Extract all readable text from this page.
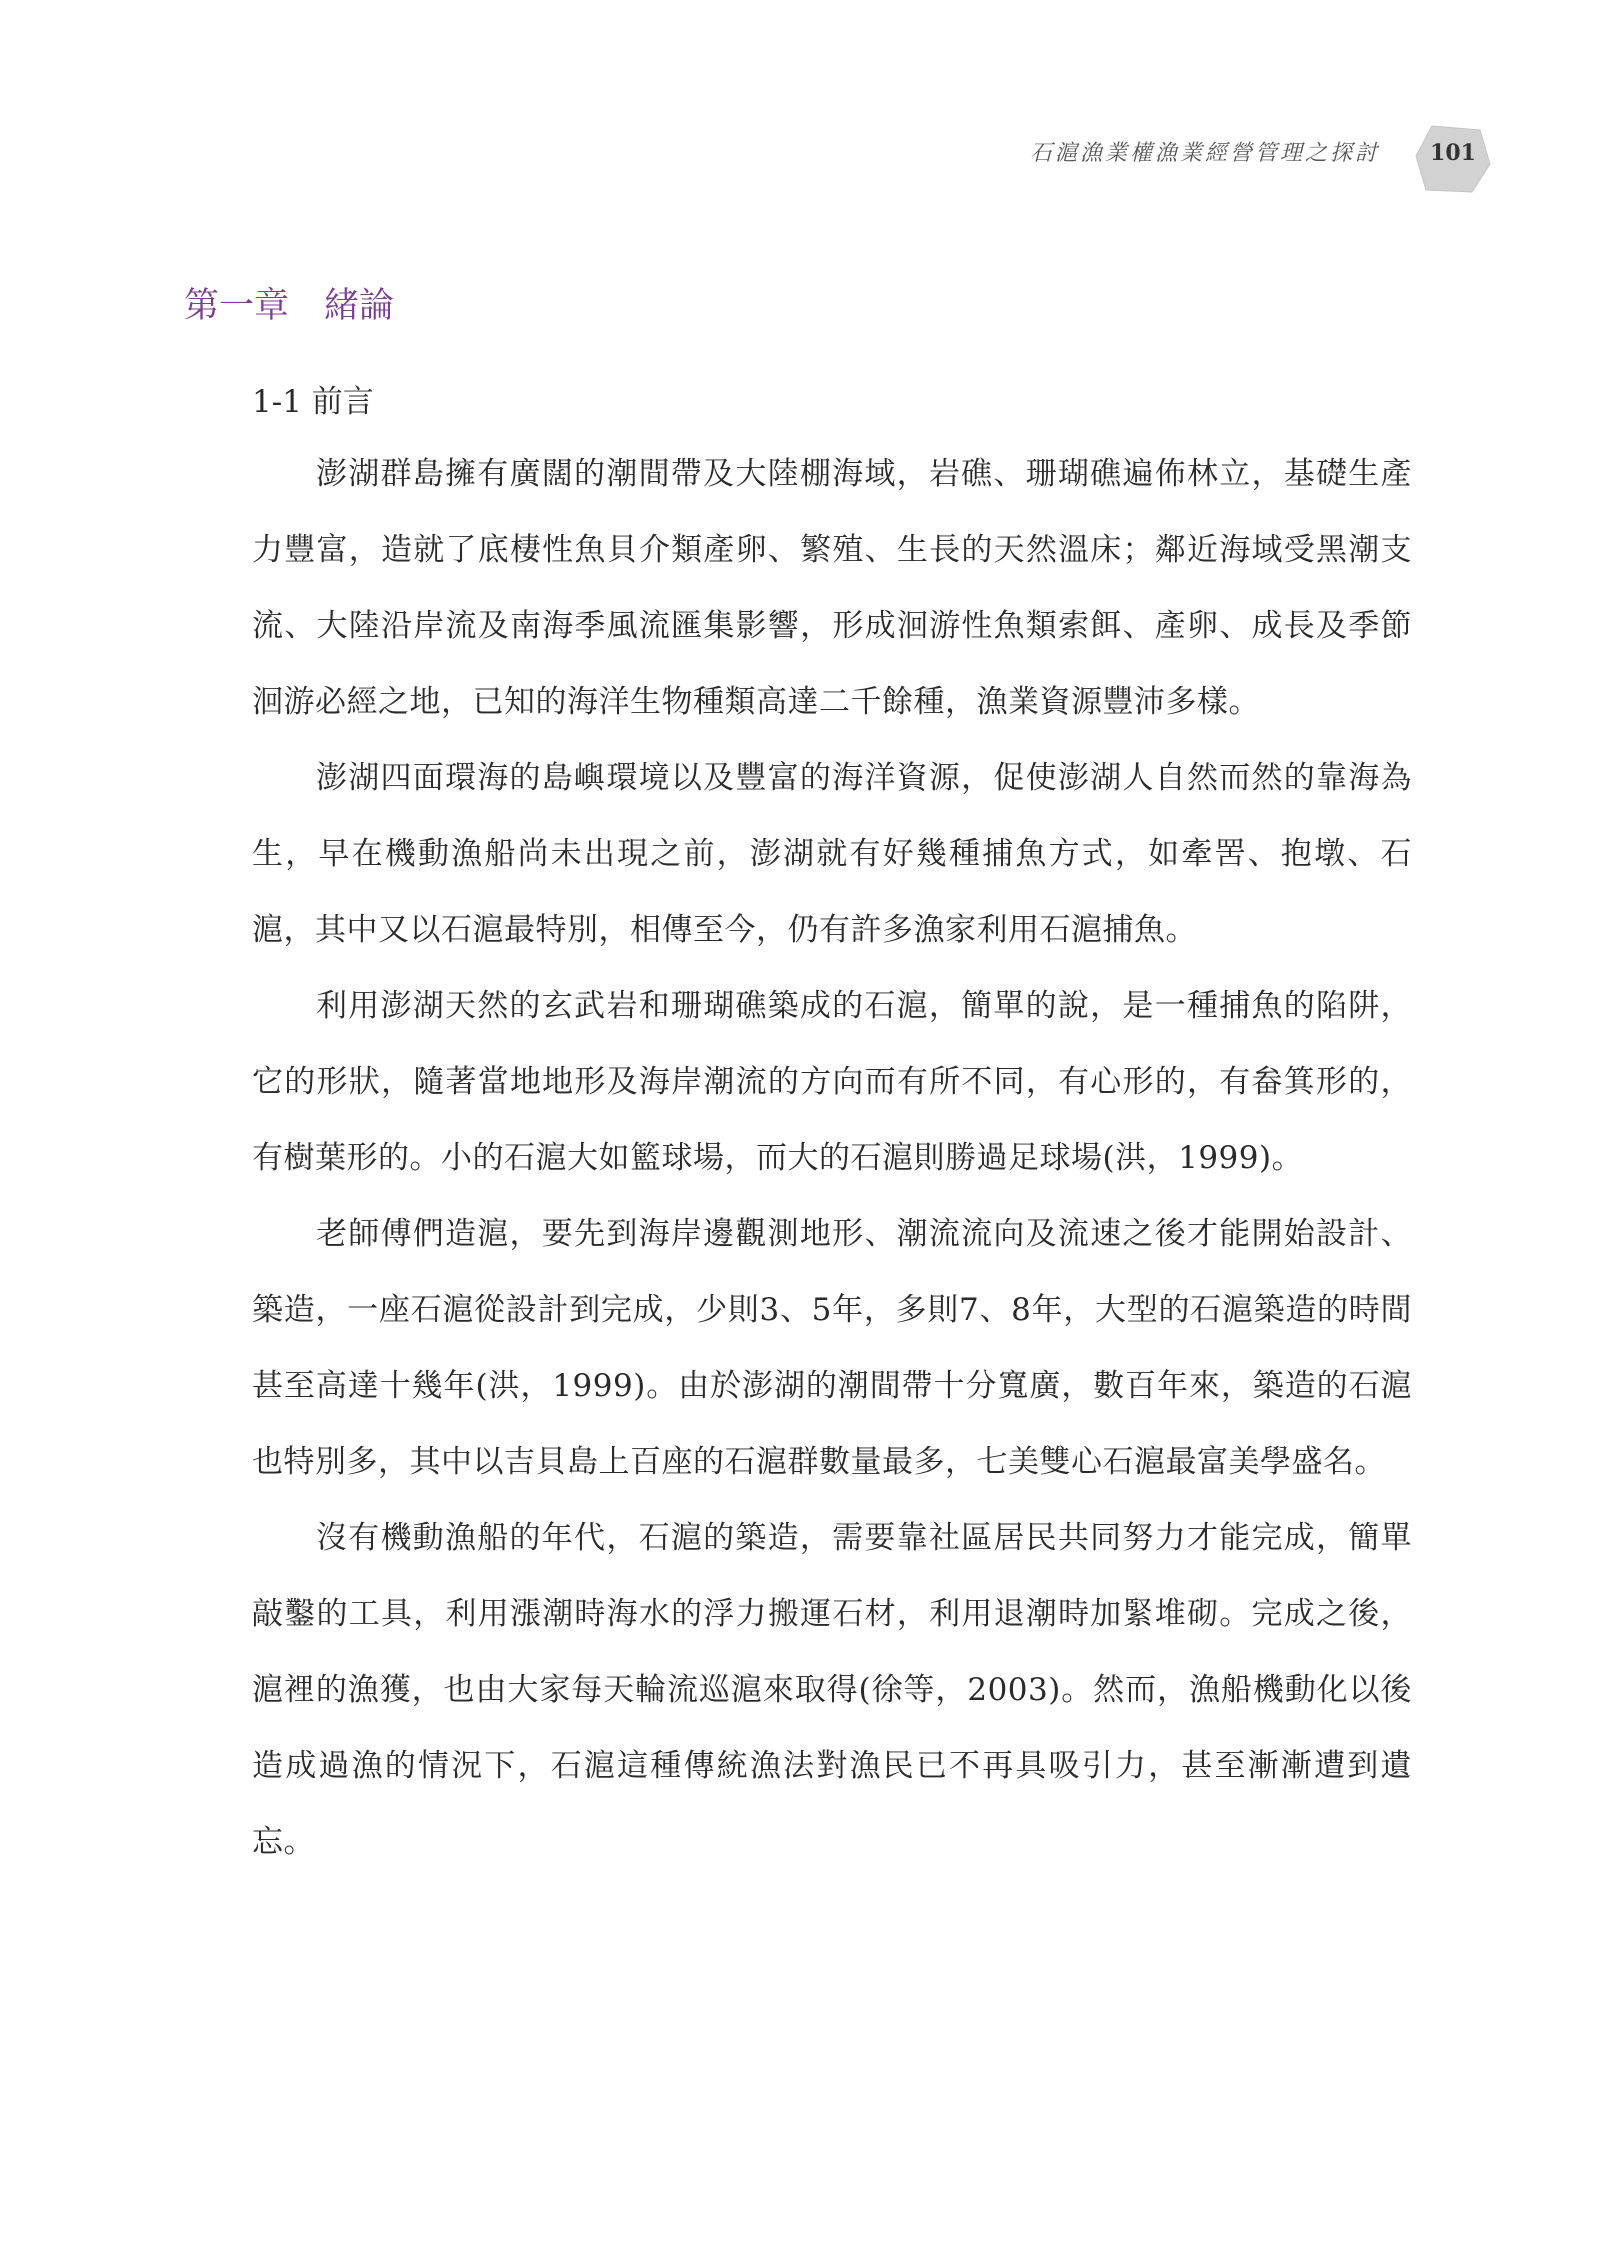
石滬漁業權漁業經營管理之探討	101
第一章　緒論
1-1 前言

澎湖群島擁有廣闊的潮間帶及大陸棚海域，岩礁、珊瑚礁遍佈林立，基礎生產力豐富，造就了底棲性魚貝介類產卵、繁殖、生長的天然溫床；鄰近海域受黑潮支流、大陸沿岸流及南海季風流匯集影響，形成洄游性魚類索餌、產卵、成長及季節洄游必經之地，已知的海洋生物種類高達二千餘種，漁業資源豐沛多樣。

澎湖四面環海的島嶼環境以及豐富的海洋資源，促使澎湖人自然而然的靠海為生，早在機動漁船尚未出現之前，澎湖就有好幾種捕魚方式，如牽罟、抱墩、石滬，其中又以石滬最特別，相傳至今，仍有許多漁家利用石滬捕魚。

利用澎湖天然的玄武岩和珊瑚礁築成的石滬，簡單的說，是一種捕魚的陷阱，它的形狀，隨著當地地形及海岸潮流的方向而有所不同，有心形的，有畚箕形的，有樹葉形的。小的石滬大如籃球場，而大的石滬則勝過足球場(洪，1999)。

老師傅們造滬，要先到海岸邊觀測地形、潮流流向及流速之後才能開始設計、築造，一座石滬從設計到完成，少則3、5年，多則7、8年，大型的石滬築造的時間甚至高達十幾年(洪，1999)。由於澎湖的潮間帶十分寬廣，數百年來，築造的石滬也特別多，其中以吉貝島上百座的石滬群數量最多，七美雙心石滬最富美學盛名。

沒有機動漁船的年代，石滬的築造，需要靠社區居民共同努力才能完成，簡單敲鑿的工具，利用漲潮時海水的浮力搬運石材，利用退潮時加緊堆砌。完成之後，滬裡的漁獲，也由大家每天輪流巡滬來取得(徐等，2003)。然而，漁船機動化以後造成過漁的情況下，石滬這種傳統漁法對漁民已不再具吸引力，甚至漸漸遭到遺忘。
